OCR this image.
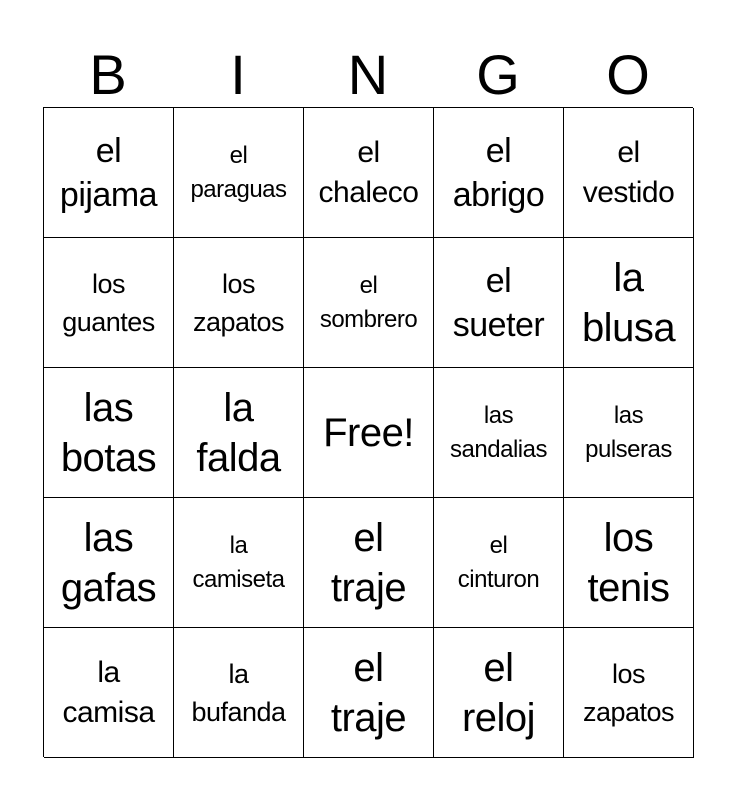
B	I	N	G	O
el
pijama
el
paraguas
el
chaleco
el
abrigo
el
vestido
los
guantes
los
zapatos
el
sombrero
el
sueter
la
blusa
las
botas
la
falda
Free!	las
sandalias
las
pulseras
las
gafas
la
camiseta
el
traje
el
cinturon
los
tenis
la
camisa
la
bufanda
el
traje
el
reloj
los
zapatos
